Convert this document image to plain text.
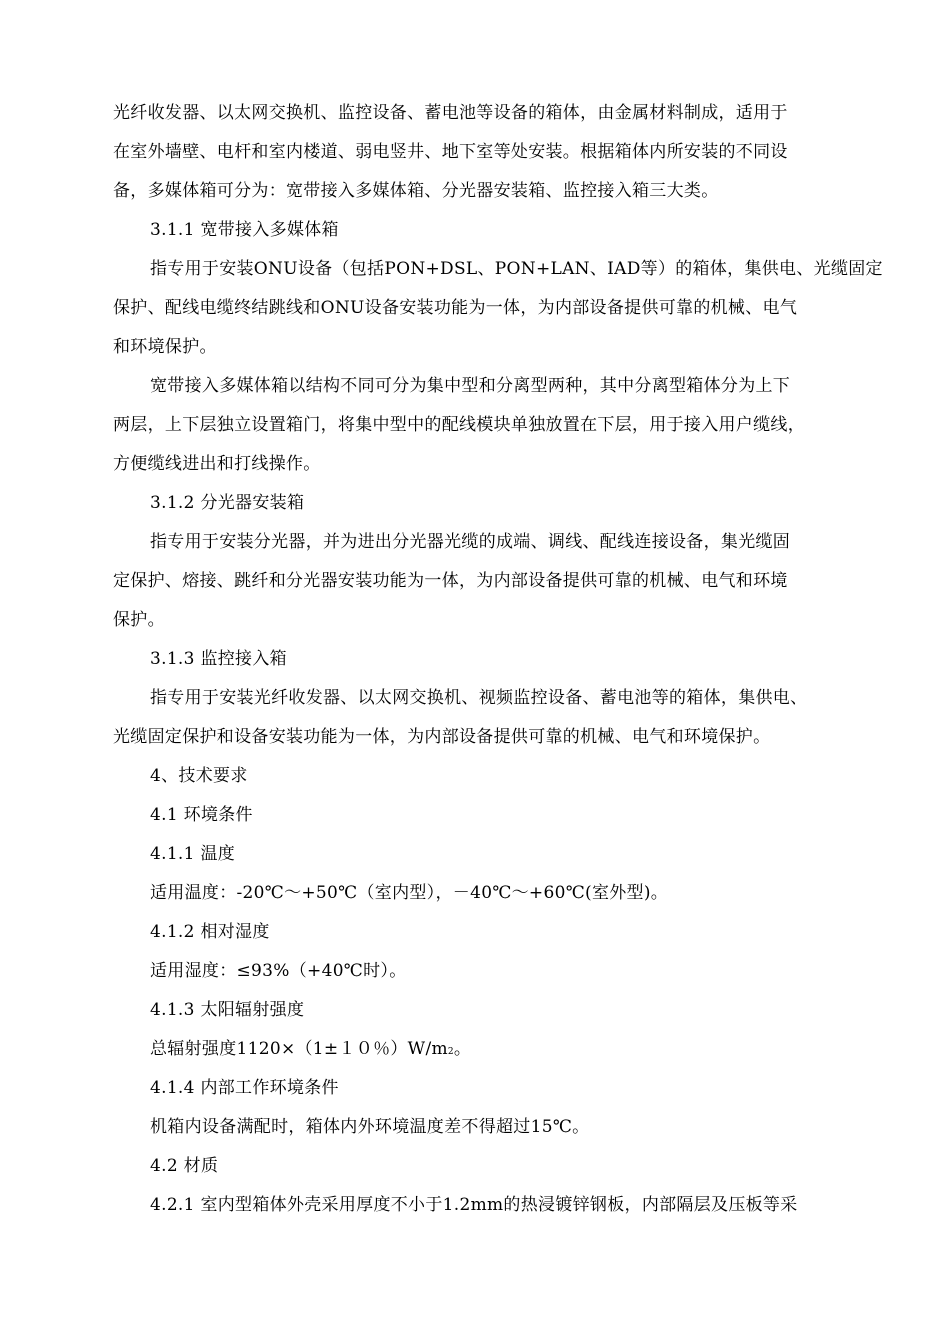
光纤收发器、以太网交换机、监控设备、蓄电池等设备的箱体，由金属材料制成，适用于
在室外墙壁、电杆和室内楼道、弱电竖井、地下室等处安装。根据箱体内所安装的不同设
备，多媒体箱可分为：宽带接入多媒体箱、分光器安装箱、监控接入箱三大类。
3.1.1 宽带接入多媒体箱
指专用于安装ONU设备（包括PON+DSL、PON+LAN、IAD等）的箱体，集供电、光缆固定
保护、配线电缆终结跳线和ONU设备安装功能为一体，为内部设备提供可靠的机械、电气
和环境保护。
宽带接入多媒体箱以结构不同可分为集中型和分离型两种，其中分离型箱体分为上下
两层，上下层独立设置箱门，将集中型中的配线模块单独放置在下层，用于接入用户缆线，
方便缆线进出和打线操作。
3.1.2 分光器安装箱
指专用于安装分光器，并为进出分光器光缆的成端、调线、配线连接设备，集光缆固
定保护、熔接、跳纤和分光器安装功能为一体，为内部设备提供可靠的机械、电气和环境
保护。
3.1.3 监控接入箱
指专用于安装光纤收发器、以太网交换机、视频监控设备、蓄电池等的箱体，集供电、
光缆固定保护和设备安装功能为一体，为内部设备提供可靠的机械、电气和环境保护。
4、技术要求
4.1 环境条件
4.1.1 温度
适用温度：-20℃～+50℃（室内型），－40℃～+60℃(室外型)。
4.1.2 相对湿度
适用湿度：≤93%（+40℃时）。
4.1.3 太阳辐射强度
总辐射强度1120×（1±１０％）W/m2。
4.1.4 内部工作环境条件
机箱内设备满配时，箱体内外环境温度差不得超过15℃。
4.2 材质
4.2.1 室内型箱体外壳采用厚度不小于1.2mm的热浸镀锌钢板，内部隔层及压板等采
